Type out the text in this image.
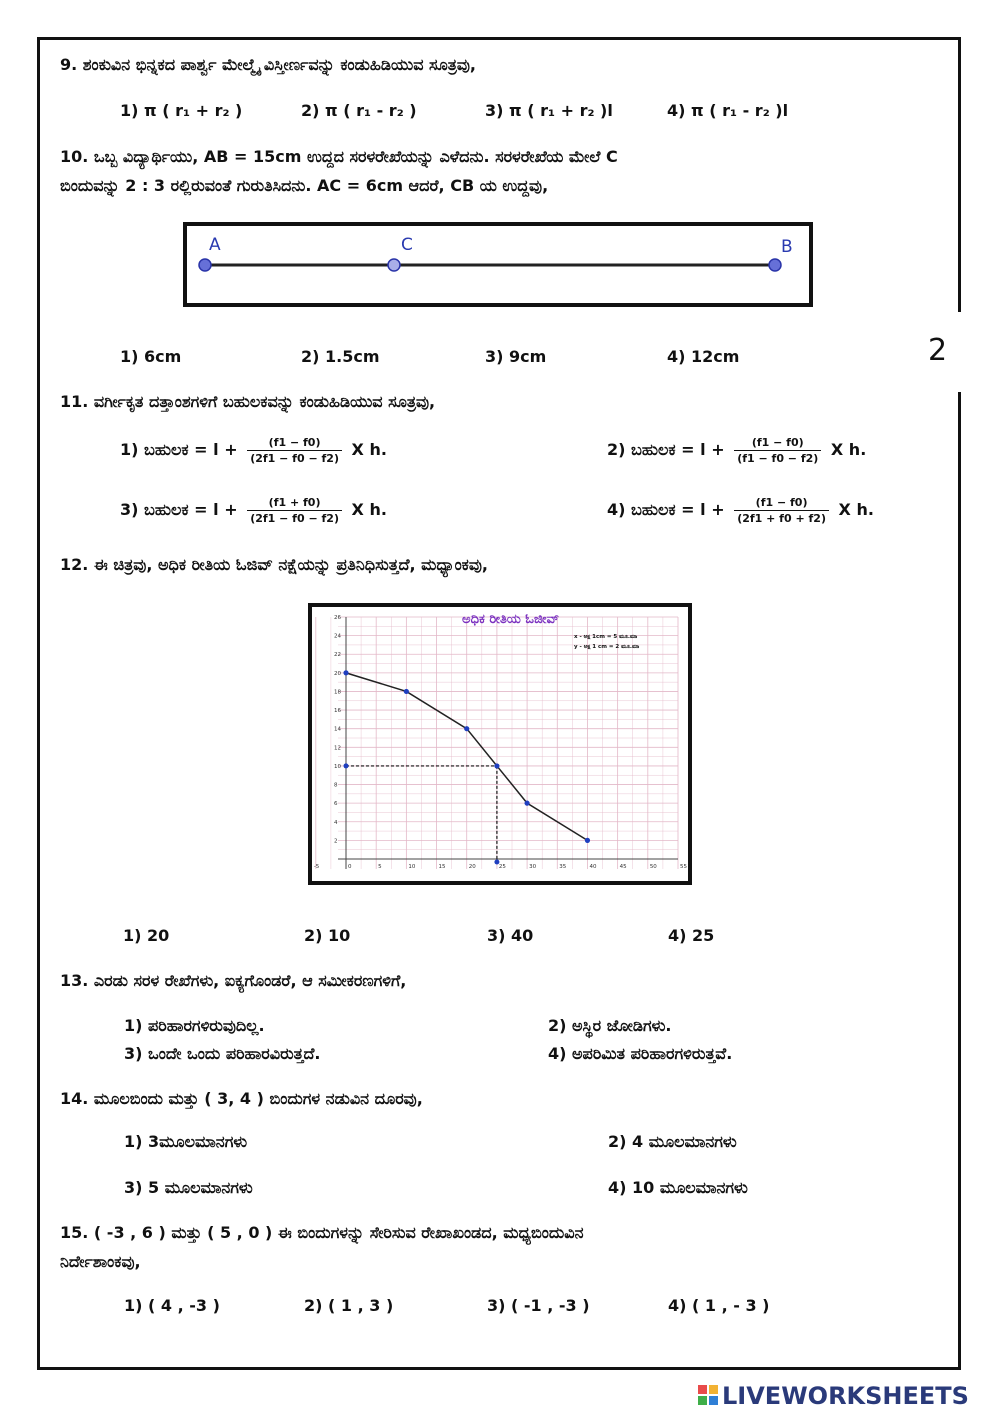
2
9. ಶಂಕುವಿನ ಭಿನ್ನಕದ ಪಾರ್ಶ್ವ ಮೇಲ್ಮೈ ವಿಸ್ತೀರ್ಣವನ್ನು ಕಂಡುಹಿಡಿಯುವ ಸೂತ್ರವು,
1) π ( r₁ + r₂ )	2) π ( r₁ - r₂ )	3) π ( r₁ + r₂ )l	4) π ( r₁ - r₂ )l
10. ಒಬ್ಬ ವಿದ್ಯಾರ್ಥಿಯು, AB = 15cm ಉದ್ದದ ಸರಳರೇಖೆಯನ್ನು ಎಳೆದನು. ಸರಳರೇಖೆಯ ಮೇಲೆ C
ಬಿಂದುವನ್ನು 2 : 3 ರಲ್ಲಿರುವಂತೆ ಗುರುತಿಸಿದನು. AC = 6cm ಆದರೆ, CB ಯ ಉದ್ದವು,
A	C	B
1) 6cm	2) 1.5cm	3) 9cm	4) 12cm
11. ವರ್ಗೀಕೃತ ದತ್ತಾಂಶಗಳಿಗೆ ಬಹುಲಕವನ್ನು ಕಂಡುಹಿಡಿಯುವ ಸೂತ್ರವು,
1) ಬಹುಲಕ = $l + \frac{(f1 - f0)}{(2f1 - f0 - f2)}$ X h.	2) ಬಹುಲಕ = $l + \frac{(f1 - f0)}{(f1 - f0 - f2)}$ X h.
3) ಬಹುಲಕ = $l + \frac{(f1 + f0)}{(2f1 - f0 - f2)}$ X h.	4) ಬಹುಲಕ = $l + \frac{(f1 - f0)}{(2f1 + f0 + f2)}$ X h.
12. ಈ ಚಿತ್ರವು, ಅಧಿಕ ರೀತಿಯ ಓಜಿವ್ ನಕ್ಷೆಯನ್ನು ಪ್ರತಿನಿಧಿಸುತ್ತದೆ, ಮಧ್ಯಾಂಕವು,
0	5	10	15	20	25	30	35	40	45	50	55
-5
2
4
6
8
10
12
14
16
18
20
22
24
26	ಅಧಿಕ ರೀತಿಯ ಓಜೀವ್
x - ಅಕ್ಷ 1cm = 5 ಮೂ.ಮಾ
y - ಅಕ್ಷ 1 cm = 2 ಮೂ.ಮಾ
1) 20	2) 10	3) 40	4) 25
13. ಎರಡು ಸರಳ ರೇಖೆಗಳು, ಐಕ್ಯಗೊಂಡರೆ, ಆ ಸಮೀಕರಣಗಳಿಗೆ,
1) ಪರಿಹಾರಗಳಿರುವುದಿಲ್ಲ.	2) ಅಸ್ಥಿರ ಜೋಡಿಗಳು.
3) ಒಂದೇ ಒಂದು ಪರಿಹಾರವಿರುತ್ತದೆ.	4) ಅಪರಿಮಿತ ಪರಿಹಾರಗಳಿರುತ್ತವೆ.
14. ಮೂಲಬಿಂದು ಮತ್ತು ( 3, 4 ) ಬಿಂದುಗಳ ನಡುವಿನ ದೂರವು,
1) 3ಮೂಲಮಾನಗಳು	2) 4 ಮೂಲಮಾನಗಳು
3) 5 ಮೂಲಮಾನಗಳು	4) 10 ಮೂಲಮಾನಗಳು
15. ( -3 , 6 ) ಮತ್ತು ( 5 , 0 ) ಈ ಬಿಂದುಗಳನ್ನು ಸೇರಿಸುವ ರೇಖಾಖಂಡದ, ಮಧ್ಯಬಿಂದುವಿನ
ನಿರ್ದೇಶಾಂಕವು,
1) ( 4 , -3 )	2) ( 1 , 3 )	3) ( -1 , -3 )	4) ( 1 , - 3 )
LIVEWORKSHEETS
